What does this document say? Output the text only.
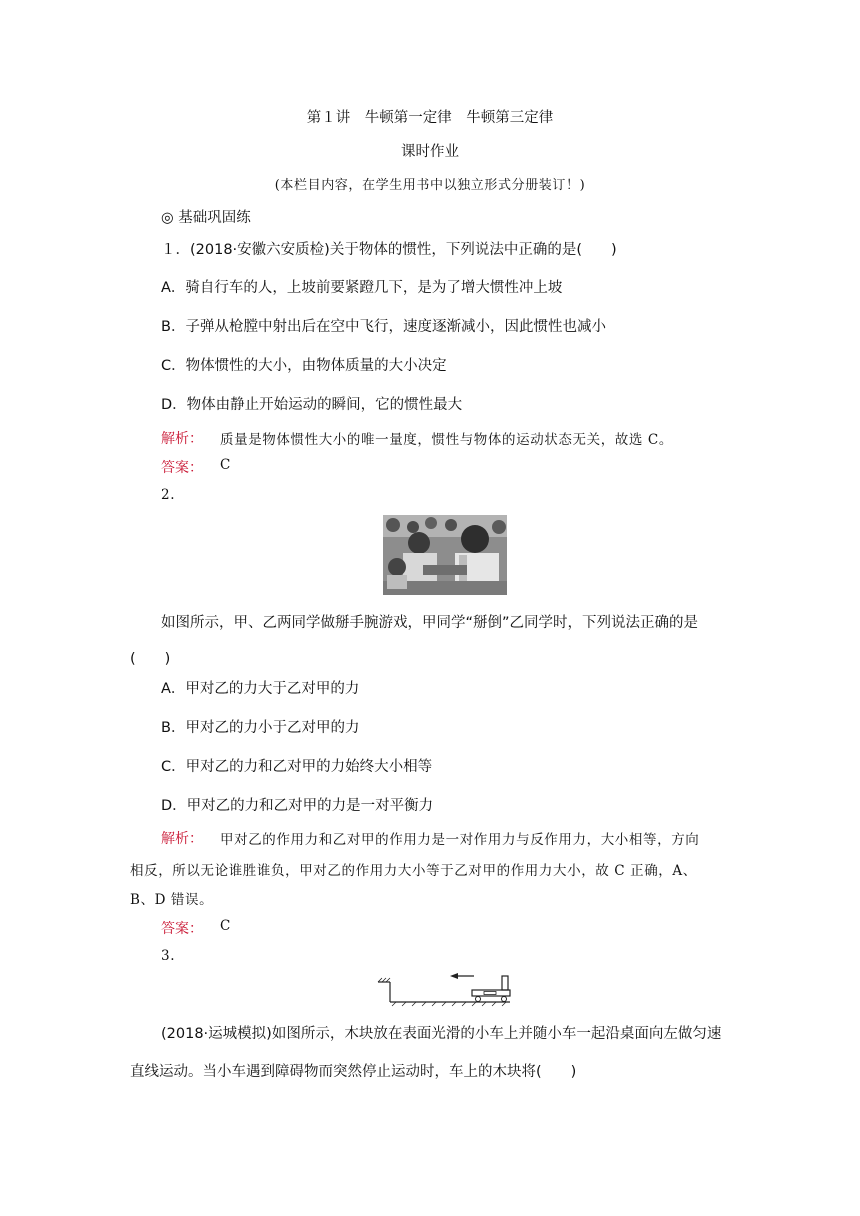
第１讲　牛顿第一定律　牛顿第三定律
课时作业
(本栏目内容，在学生用书中以独立形式分册装订！)
◎ 基础巩固练
１．(2018·安徽六安质检)关于物体的惯性，下列说法中正确的是(　　)
A．骑自行车的人，上坡前要紧蹬几下，是为了增大惯性冲上坡
B．子弹从枪膛中射出后在空中飞行，速度逐渐减小，因此惯性也减小
C．物体惯性的大小，由物体质量的大小决定
D．物体由静止开始运动的瞬间，它的惯性最大
解析： 质量是物体惯性大小的唯一量度，惯性与物体的运动状态无关，故选 C。
答案： C
2.
如图所示，甲、乙两同学做掰手腕游戏，甲同学“掰倒”乙同学时，下列说法正确的是
(　　)
A．甲对乙的力大于乙对甲的力
B．甲对乙的力小于乙对甲的力
C．甲对乙的力和乙对甲的力始终大小相等
D．甲对乙的力和乙对甲的力是一对平衡力
解析： 甲对乙的作用力和乙对甲的作用力是一对作用力与反作用力，大小相等，方向
相反，所以无论谁胜谁负，甲对乙的作用力大小等于乙对甲的作用力大小，故 C 正确，A、
B、D 错误。
答案： C
3.
(2018·运城模拟)如图所示，木块放在表面光滑的小车上并随小车一起沿桌面向左做匀速
直线运动。当小车遇到障碍物而突然停止运动时，车上的木块将(　　)
